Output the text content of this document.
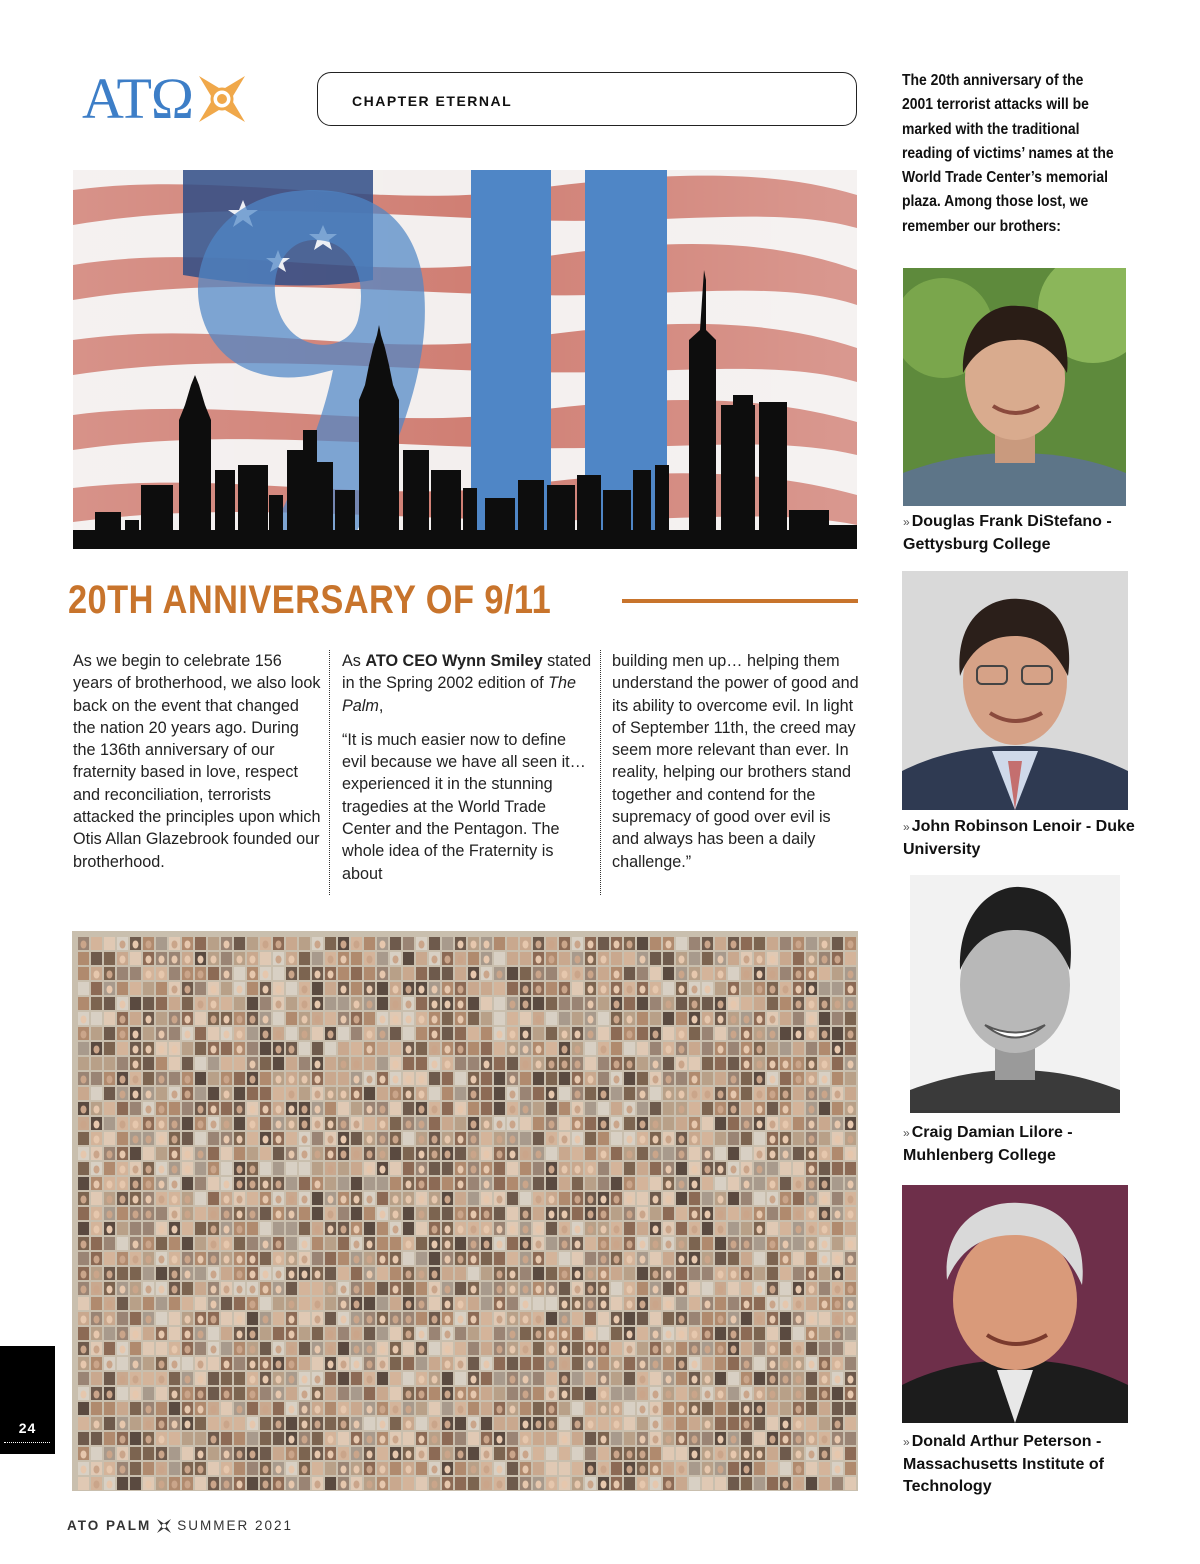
ATΩ	CHAPTER ETERNAL
20TH ANNIVERSARY OF 9/11
As we begin to celebrate 156 years of brotherhood, we also look back on the event that changed the nation 20 years ago. During the 136th anniversary of our fraternity based in love, respect and reconciliation, terrorists attacked the principles upon which Otis Allan Glazebrook founded our brotherhood.
As ATO CEO Wynn Smiley stated in the Spring 2002 edition of The Palm,
“It is much easier now to define evil because we have all seen it…experienced it in the stunning tragedies at the World Trade Center and the Pentagon. The whole idea of the Fraternity is about
building men up… helping them understand the power of good and its ability to overcome evil. In light of September 11th, the creed may seem more relevant than ever. In reality, helping our brothers stand together and contend for the supremacy of good over evil is and always has been a daily challenge.”
The 20th anniversary of the 2001 terrorist attacks will be marked with the traditional reading of victims’ names at the World Trade Center’s memorial plaza. Among those lost, we remember our brothers:
» Douglas Frank DiStefano - Gettysburg College
» John Robinson Lenoir - Duke University
» Craig Damian Lilore - Muhlenberg College
» Donald Arthur Peterson - Massachusetts Institute of Technology
24
ATO PALM SUMMER 2021
